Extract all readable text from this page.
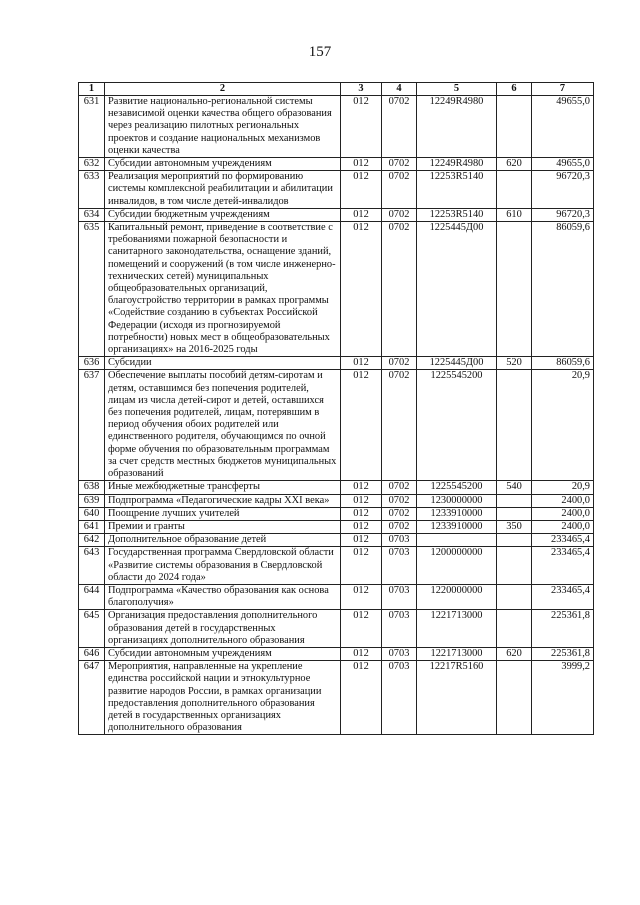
157
1	2	3	4	5	6	7
631	Развитие национально-региональной системы независимой оценки качества общего образования через реализацию пилотных региональных проектов и создание национальных механизмов оценки качества	012	0702	12249R4980		49655,0
632	Субсидии автономным учреждениям	012	0702	12249R4980	620	49655,0
633	Реализация мероприятий по формированию системы комплексной реабилитации и абилитации инвалидов, в том числе детей-инвалидов	012	0702	12253R5140		96720,3
634	Субсидии бюджетным учреждениям	012	0702	12253R5140	610	96720,3
635	Капитальный ремонт, приведение в соответствие с требованиями пожарной безопасности и санитарного законодательства, оснащение зданий, помещений и сооружений (в том числе инженерно-технических сетей) муниципальных общеобразовательных организаций, благоустройство территории в рамках программы «Содействие созданию в субъектах Российской Федерации (исходя из прогнозируемой потребности) новых мест в общеобразовательных организациях» на 2016-2025 годы	012	0702	1225445Д00		86059,6
636	Субсидии	012	0702	1225445Д00	520	86059,6
637	Обеспечение выплаты пособий детям-сиротам и детям, оставшимся без попечения родителей, лицам из числа детей-сирот и детей, оставшихся без попечения родителей, лицам, потерявшим в период обучения обоих родителей или единственного родителя, обучающимся по очной форме обучения по образовательным программам за счет средств местных бюджетов муниципальных образований	012	0702	1225545200		20,9
638	Иные межбюджетные трансферты	012	0702	1225545200	540	20,9
639	Подпрограмма «Педагогические кадры XXI века»	012	0702	1230000000		2400,0
640	Поощрение лучших учителей	012	0702	1233910000		2400,0
641	Премии и гранты	012	0702	1233910000	350	2400,0
642	Дополнительное образование детей	012	0703			233465,4
643	Государственная программа Свердловской области «Развитие системы образования в Свердловской области до 2024 года»	012	0703	1200000000		233465,4
644	Подпрограмма «Качество образования как основа благополучия»	012	0703	1220000000		233465,4
645	Организация предоставления дополнительного образования детей в государственных организациях дополнительного образования	012	0703	1221713000		225361,8
646	Субсидии автономным учреждениям	012	0703	1221713000	620	225361,8
647	Мероприятия, направленные на укрепление единства российской нации и этнокультурное развитие народов России, в рамках организации предоставления дополнительного образования детей в государственных организациях дополнительного образования	012	0703	12217R5160		3999,2
